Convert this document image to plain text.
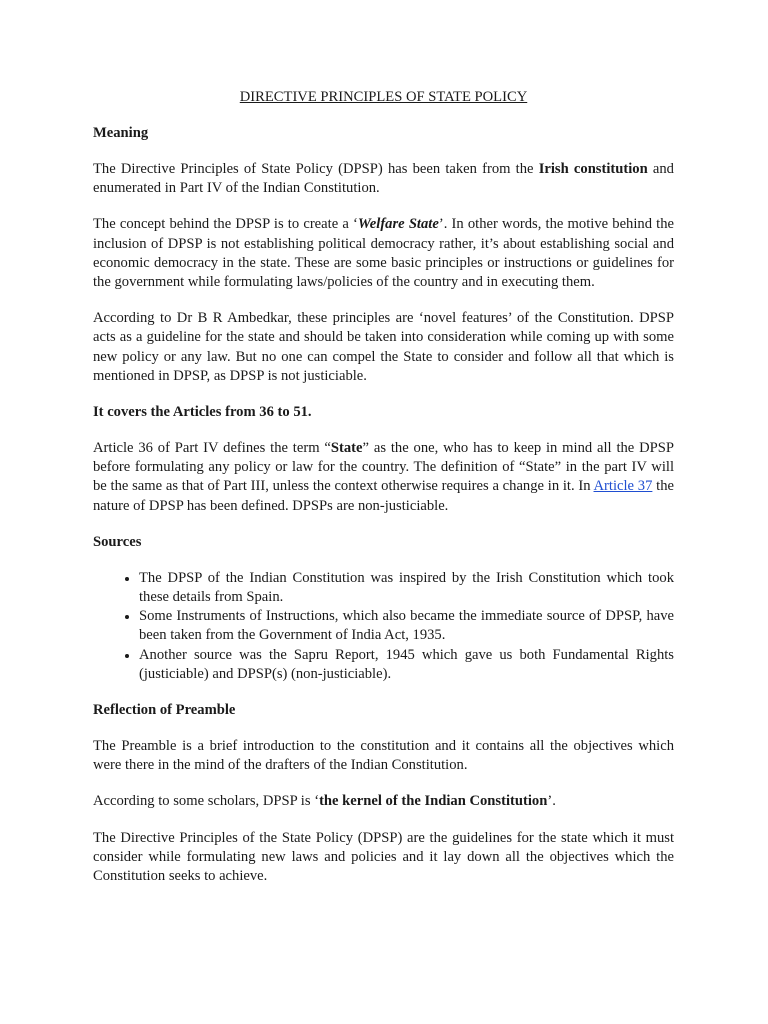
DIRECTIVE PRINCIPLES OF STATE POLICY
Meaning

The Directive Principles of State Policy (DPSP) has been taken from the Irish constitution and enumerated in Part IV of the Indian Constitution.

The concept behind the DPSP is to create a ‘Welfare State’. In other words, the motive behind the inclusion of DPSP is not establishing political democracy rather, it’s about establishing social and economic democracy in the state. These are some basic principles or instructions or guidelines for the government while formulating laws/policies of the country and in executing them.

According to Dr B R Ambedkar, these principles are ‘novel features’ of the Constitution. DPSP acts as a guideline for the state and should be taken into consideration while coming up with some new policy or any law. But no one can compel the State to consider and follow all that which is mentioned in DPSP, as DPSP is not justiciable.

It covers the Articles from 36 to 51.

Article 36 of Part IV defines the term “State” as the one, who has to keep in mind all the DPSP before formulating any policy or law for the country. The definition of “State” in the part IV will be the same as that of Part III, unless the context otherwise requires a change in it. In Article 37 the nature of DPSP has been defined. DPSPs are non-justiciable.

Sources
• The DPSP of the Indian Constitution was inspired by the Irish Constitution which took these details from Spain.
• Some Instruments of Instructions, which also became the immediate source of DPSP, have been taken from the Government of India Act, 1935.
• Another source was the Sapru Report, 1945 which gave us both Fundamental Rights (justiciable) and DPSP(s) (non-justiciable).
Reflection of Preamble

The Preamble is a brief introduction to the constitution and it contains all the objectives which were there in the mind of the drafters of the Indian Constitution.

According to some scholars, DPSP is ‘the kernel of the Indian Constitution’.

The Directive Principles of the State Policy (DPSP) are the guidelines for the state which it must consider while formulating new laws and policies and it lay down all the objectives which the Constitution seeks to achieve.
